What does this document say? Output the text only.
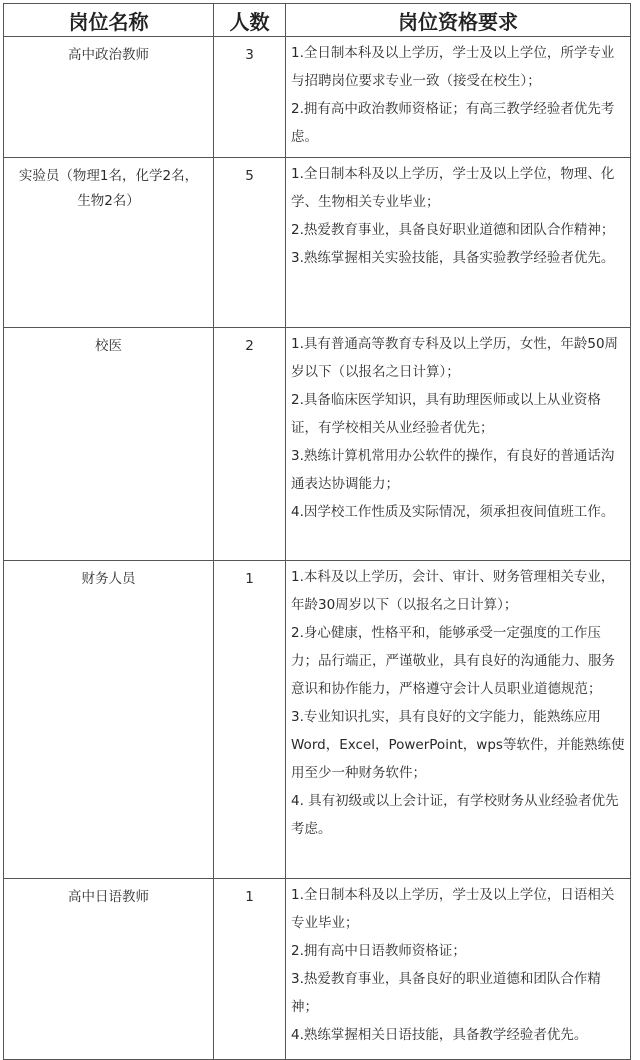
岗位名称	人数	岗位资格要求
高中政治教师	3	1.全日制本科及以上学历，学士及以上学位，所学专业与招聘岗位要求专业一致（接受在校生）；

2.拥有高中政治教师资格证；有高三教学经验者优先考虑。

实验员（物理1名，化学2名，生物2名）	5	1.全日制本科及以上学历，学士及以上学位，物理、化学、生物相关专业毕业；

2.热爱教育事业，具备良好职业道德和团队合作精神；

3.熟练掌握相关实验技能，具备实验教学经验者优先。

校医	2	1.具有普通高等教育专科及以上学历，女性，年龄50周岁以下（以报名之日计算）；

2.具备临床医学知识，具有助理医师或以上从业资格证，有学校相关从业经验者优先；

3.熟练计算机常用办公软件的操作，有良好的普通话沟通表达协调能力；

4.因学校工作性质及实际情况，须承担夜间值班工作。

财务人员	1	1.本科及以上学历，会计、审计、财务管理相关专业，年龄30周岁以下（以报名之日计算）；

2.身心健康，性格平和，能够承受一定强度的工作压力；品行端正，严谨敬业，具有良好的沟通能力、服务意识和协作能力，严格遵守会计人员职业道德规范；

3.专业知识扎实，具有良好的文字能力，能熟练应用Word，Excel，PowerPoint，wps等软件，并能熟练使用至少一种财务软件；

4. 具有初级或以上会计证，有学校财务从业经验者优先考虑。

高中日语教师	1	1.全日制本科及以上学历，学士及以上学位，日语相关专业毕业；

2.拥有高中日语教师资格证；

3.热爱教育事业，具备良好的职业道德和团队合作精神；

4.熟练掌握相关日语技能，具备教学经验者优先。
